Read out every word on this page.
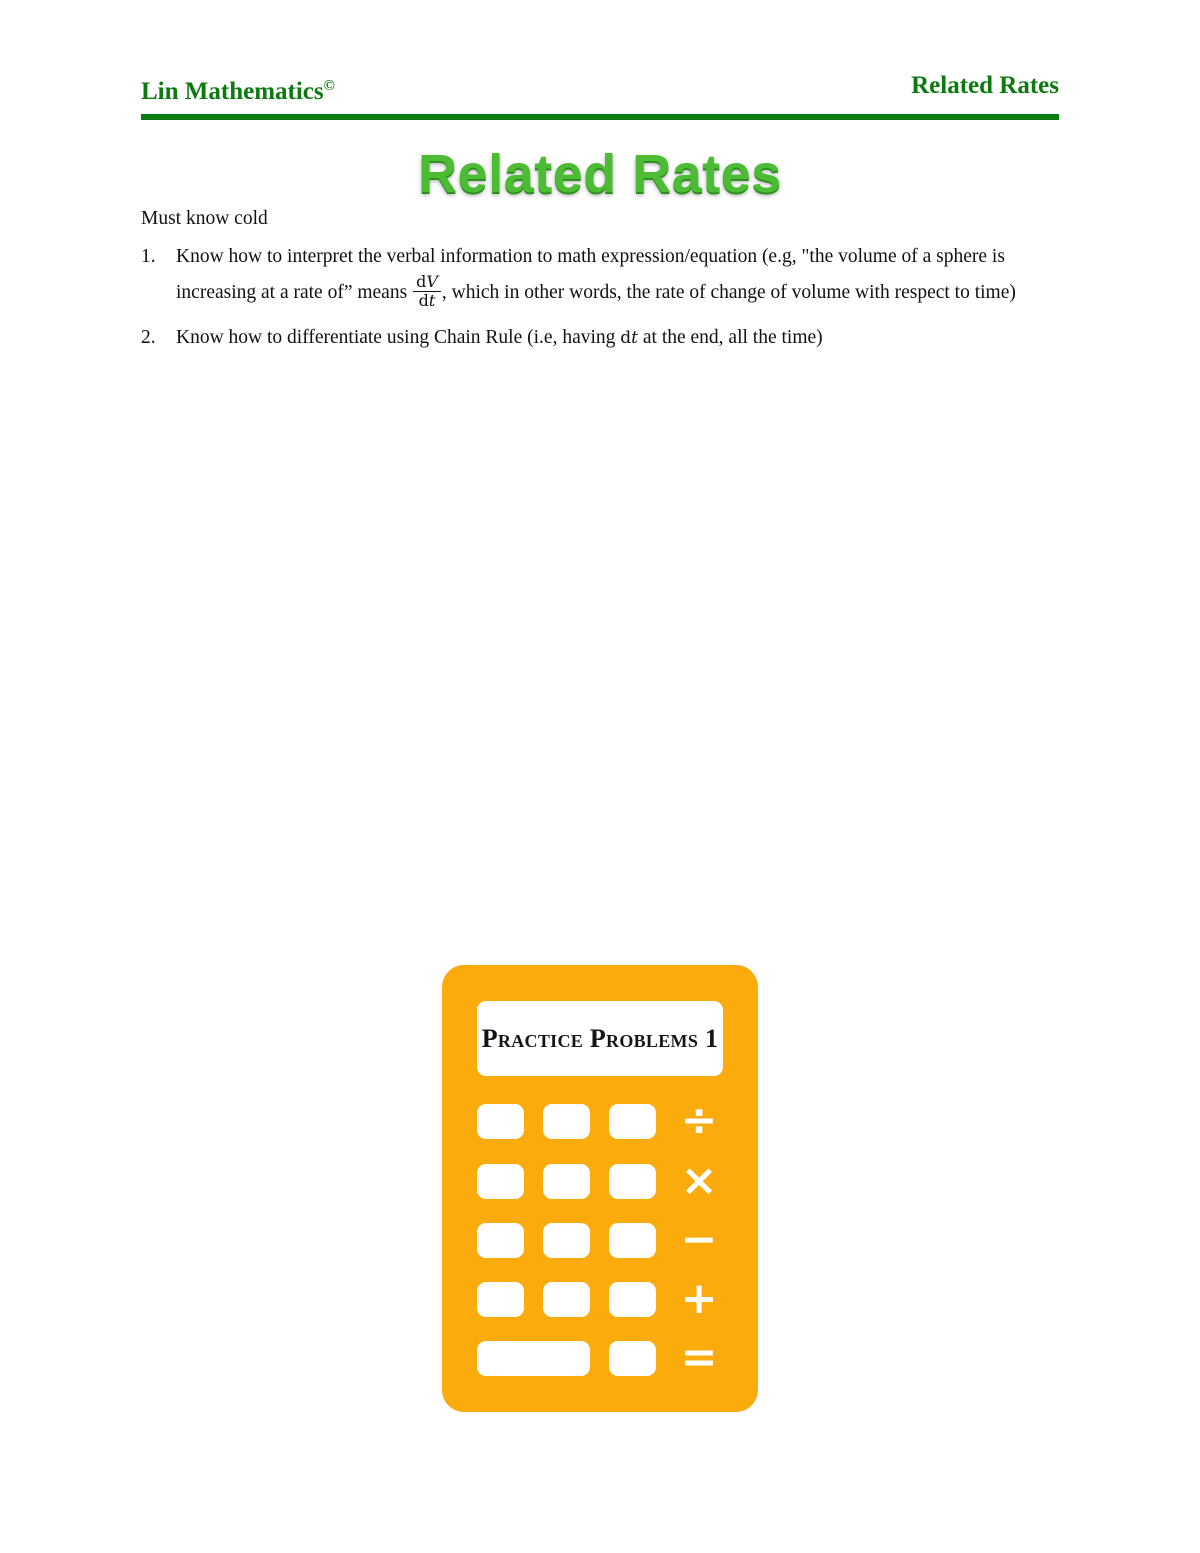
Lin Mathematics©	Related Rates
Related Rates

Must know cold

1. Know how to interpret the verbal information to math expression/equation (e.g, "the volume of a sphere is increasing at a rate of” means $\frac{dV}{dt}$ , which in other words, the rate of change of volume with respect to time)
2. Know how to differentiate using Chain Rule (i.e, having dt at the end, all the time)
Practice Problems 1
÷
×
−
+
=
